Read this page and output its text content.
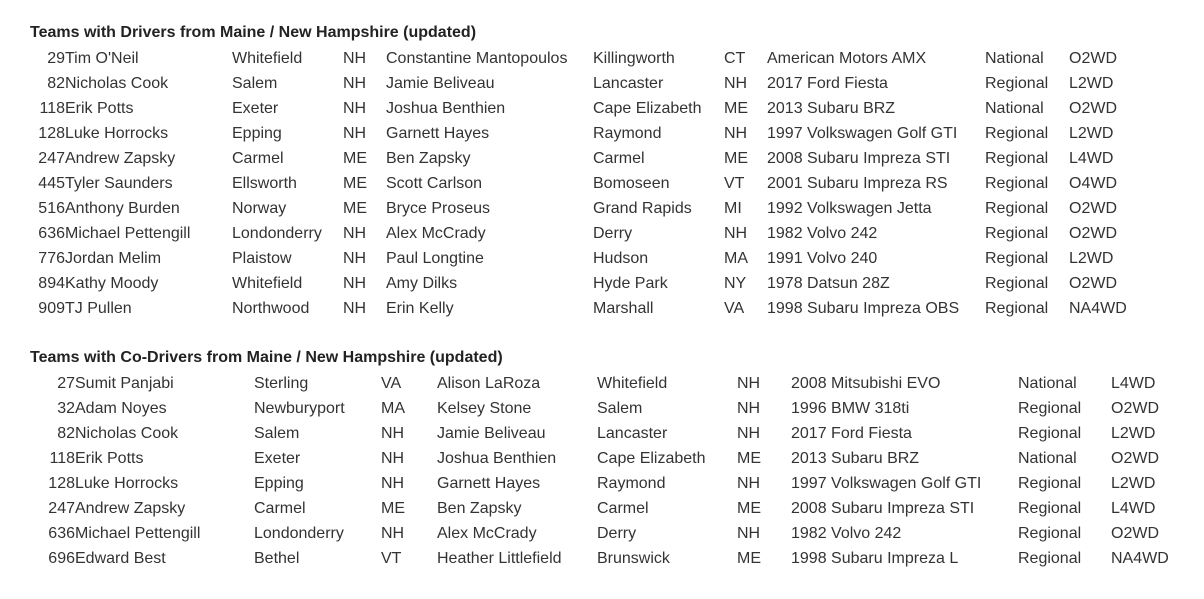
Teams with Drivers from Maine / New Hampshire (updated)
29	Tim O'Neil	Whitefield	NH	Constantine Mantopoulos	Killingworth	CT	American Motors AMX	National	O2WD
82	Nicholas Cook	Salem	NH	Jamie Beliveau	Lancaster	NH	2017 Ford Fiesta	Regional	L2WD
118	Erik Potts	Exeter	NH	Joshua Benthien	Cape Elizabeth	ME	2013 Subaru BRZ	National	O2WD
128	Luke Horrocks	Epping	NH	Garnett Hayes	Raymond	NH	1997 Volkswagen Golf GTI	Regional	L2WD
247	Andrew Zapsky	Carmel	ME	Ben Zapsky	Carmel	ME	2008 Subaru Impreza STI	Regional	L4WD
445	Tyler Saunders	Ellsworth	ME	Scott Carlson	Bomoseen	VT	2001 Subaru Impreza RS	Regional	O4WD
516	Anthony Burden	Norway	ME	Bryce Proseus	Grand Rapids	MI	1992 Volkswagen Jetta	Regional	O2WD
636	Michael Pettengill	Londonderry	NH	Alex McCrady	Derry	NH	1982 Volvo 242	Regional	O2WD
776	Jordan Melim	Plaistow	NH	Paul Longtine	Hudson	MA	1991 Volvo 240	Regional	L2WD
894	Kathy Moody	Whitefield	NH	Amy Dilks	Hyde Park	NY	1978 Datsun 28Z	Regional	O2WD
909	TJ Pullen	Northwood	NH	Erin Kelly	Marshall	VA	1998 Subaru Impreza OBS	Regional	NA4WD
Teams with Co-Drivers from Maine / New Hampshire (updated)
27	Sumit Panjabi	Sterling	VA	Alison LaRoza	Whitefield	NH	2008 Mitsubishi EVO	National	L4WD
32	Adam Noyes	Newburyport	MA	Kelsey Stone	Salem	NH	1996 BMW 318ti	Regional	O2WD
82	Nicholas Cook	Salem	NH	Jamie Beliveau	Lancaster	NH	2017 Ford Fiesta	Regional	L2WD
118	Erik Potts	Exeter	NH	Joshua Benthien	Cape Elizabeth	ME	2013 Subaru BRZ	National	O2WD
128	Luke Horrocks	Epping	NH	Garnett Hayes	Raymond	NH	1997 Volkswagen Golf GTI	Regional	L2WD
247	Andrew Zapsky	Carmel	ME	Ben Zapsky	Carmel	ME	2008 Subaru Impreza STI	Regional	L4WD
636	Michael Pettengill	Londonderry	NH	Alex McCrady	Derry	NH	1982 Volvo 242	Regional	O2WD
696	Edward Best	Bethel	VT	Heather Littlefield	Brunswick	ME	1998 Subaru Impreza L	Regional	NA4WD
